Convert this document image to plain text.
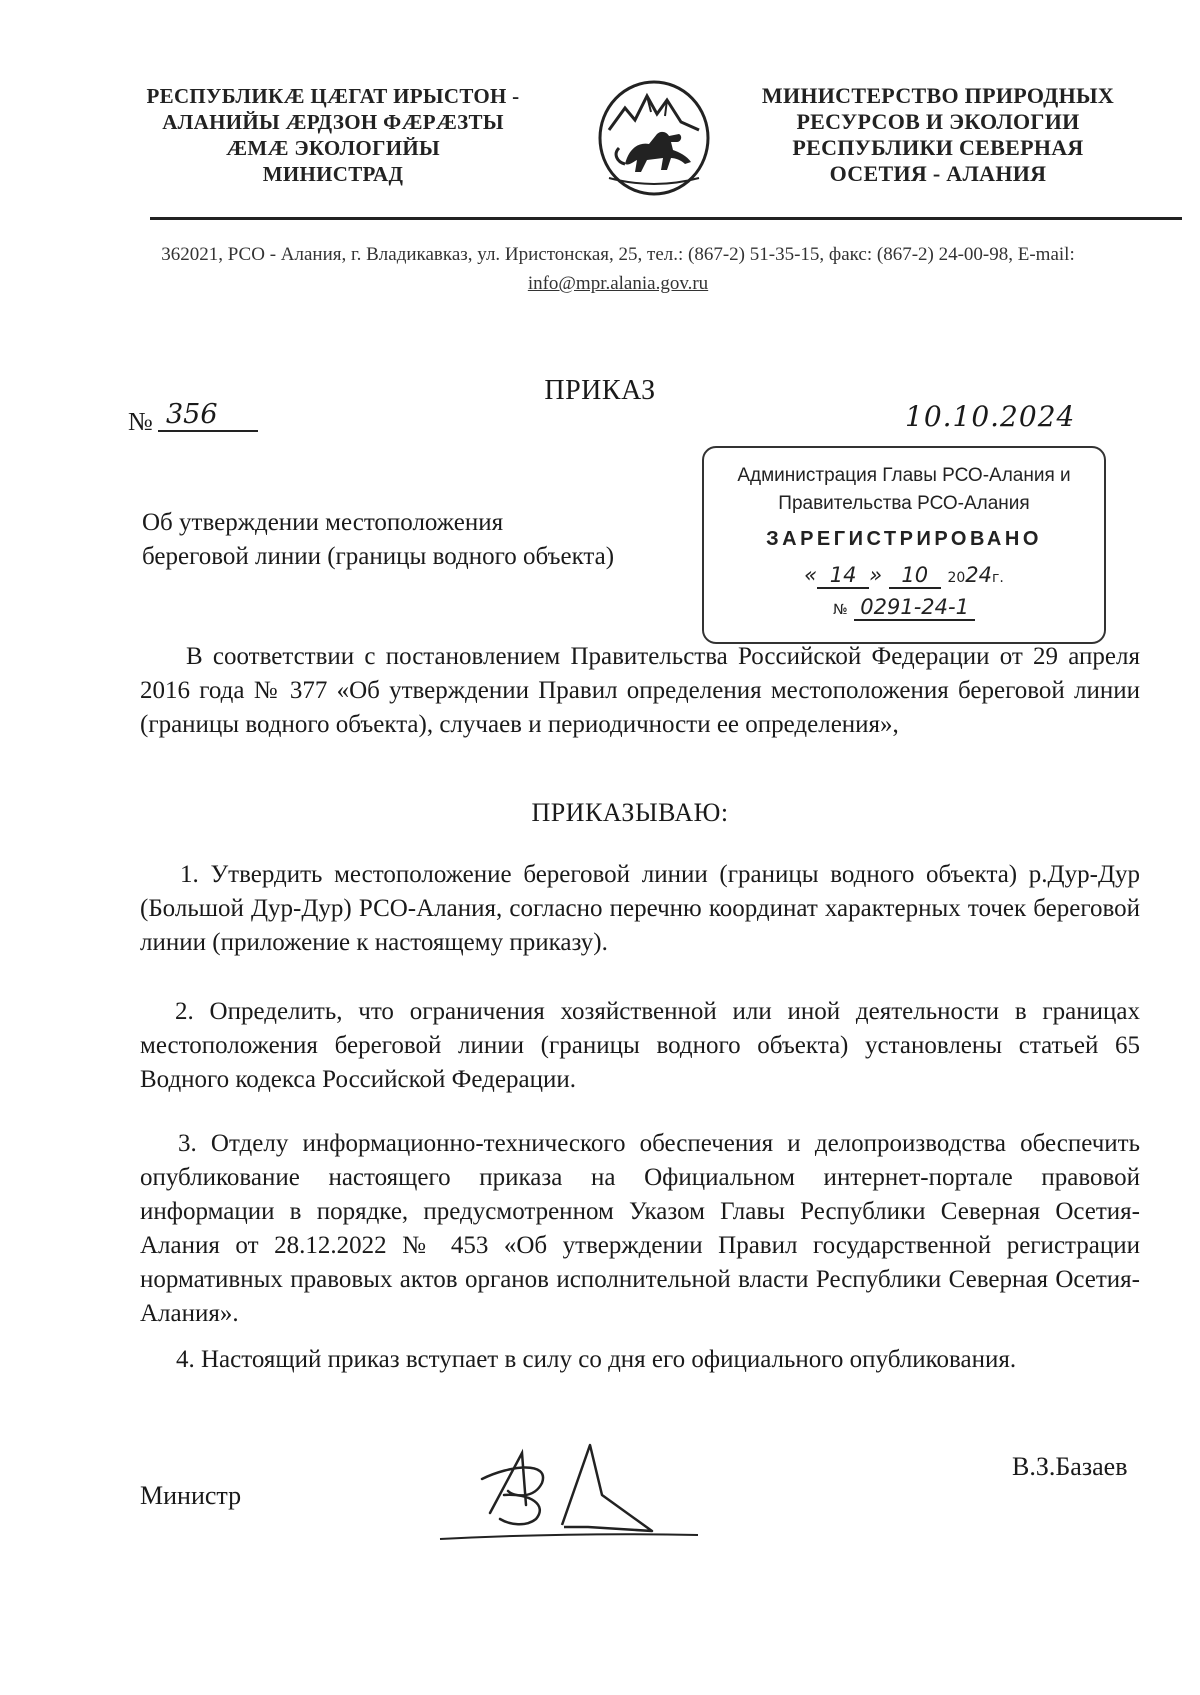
РЕСПУБЛИКӔ ЦӔГАТ ИРЫСТОН -
АЛАНИЙЫ ӔРДЗОН ФӔРӔЗТЫ
ӔМӔ ЭКОЛОГИЙЫ
МИНИСТРАД
МИНИСТЕРСТВО ПРИРОДНЫХ
РЕСУРСОВ И ЭКОЛОГИИ
РЕСПУБЛИКИ СЕВЕРНАЯ
ОСЕТИЯ - АЛАНИЯ
362021, РСО - Алания, г. Владикавказ, ул. Иристонская, 25, тел.: (867-2) 51-35-15, факс: (867-2) 24-00-98, E-mail: info@mpr.alania.gov.ru
ПРИКАЗ
№ 356	10.10.2024
Об утверждении местоположения
береговой линии (границы водного объекта)
Администрация Главы РСО-Алания и
Правительства РСО-Алания
ЗАРЕГИСТРИРОВАНО
« 14 » 10 2024г.
№ 0291-24-1
В соответствии с постановлением Правительства Российской Федерации от 29 апреля 2016 года № 377 «Об утверждении Правил определения местоположения береговой линии (границы водного объекта), случаев и периодичности ее определения»,
ПРИКАЗЫВАЮ:
1. Утвердить местоположение береговой линии (границы водного объекта) р.Дур-Дур (Большой Дур-Дур) РСО-Алания, согласно перечню координат характерных точек береговой линии (приложение к настоящему приказу).
2. Определить, что ограничения хозяйственной или иной деятельности в границах местоположения береговой линии (границы водного объекта) установлены статьей 65 Водного кодекса Российской Федерации.
3. Отделу информационно-технического обеспечения и делопроизводства обеспечить опубликование настоящего приказа на Официальном интернет-портале правовой информации в порядке, предусмотренном Указом Главы Республики Северная Осетия-Алания от 28.12.2022 № 453 «Об утверждении Правил государственной регистрации нормативных правовых актов органов исполнительной власти Республики Северная Осетия-Алания».
4. Настоящий приказ вступает в силу со дня его официального опубликования.
Министр
В.З.Базаев
